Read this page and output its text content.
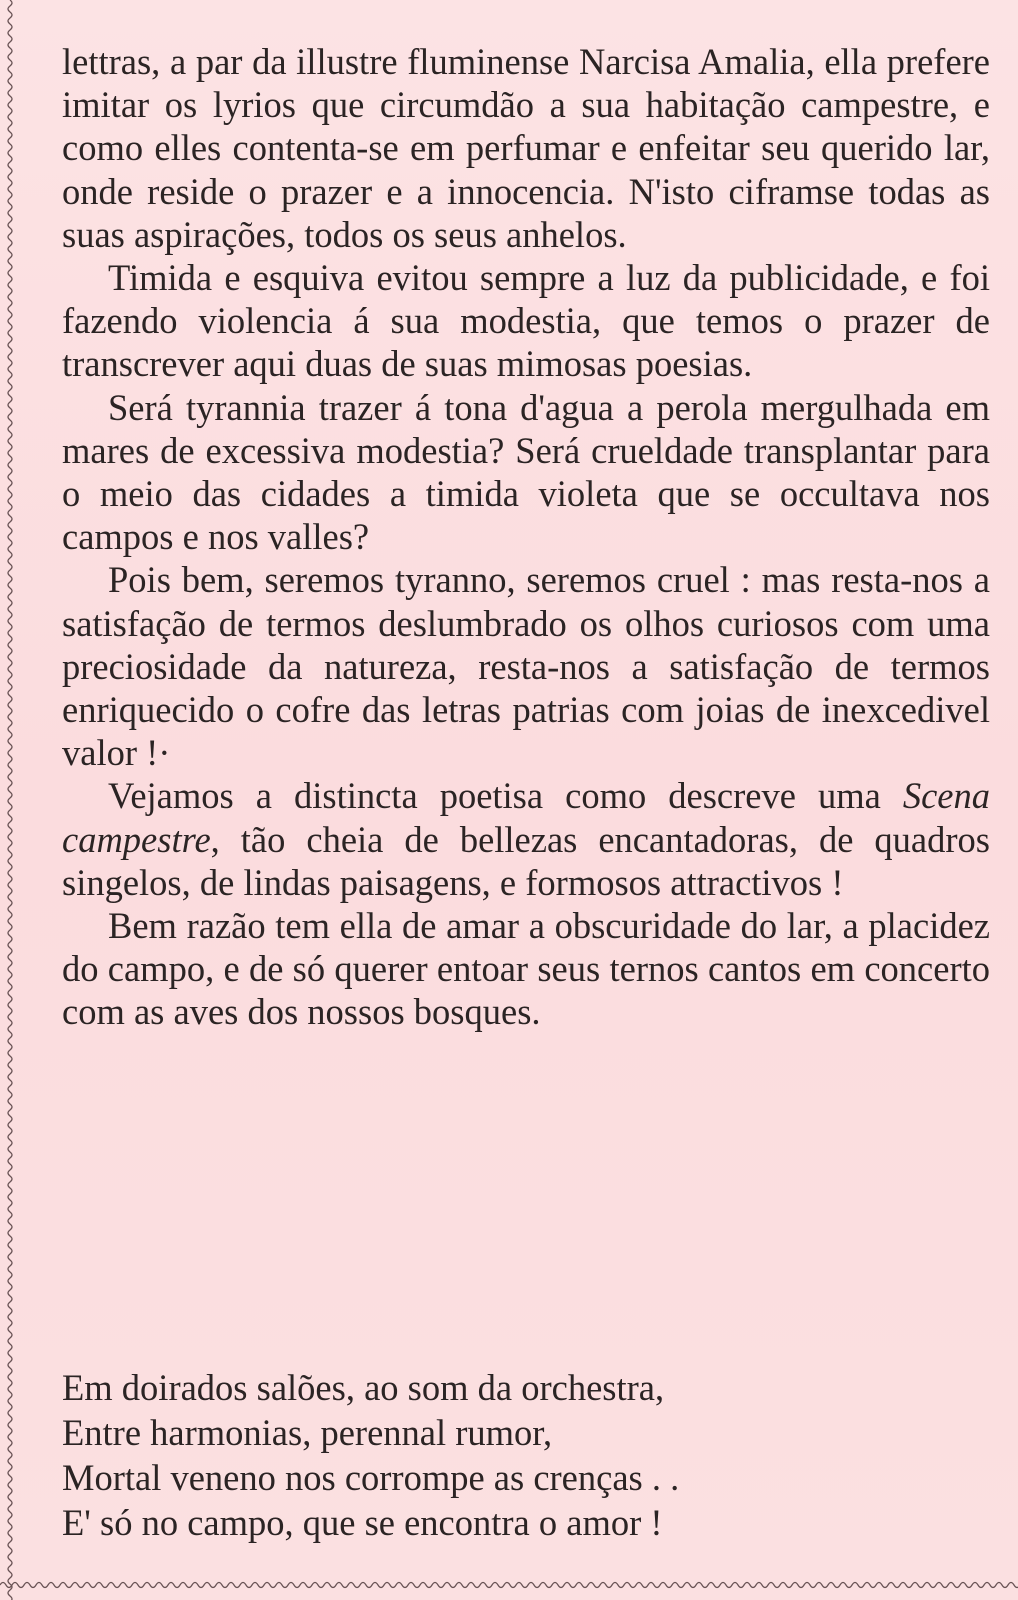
lettras, a par da illustre fluminense Narcisa Amalia, ella prefere imitar os lyrios que circumdão a sua habitação campestre, e como elles contenta-se em perfumar e enfeitar seu querido lar, onde reside o prazer e a innocencia. N'isto ciframse todas as suas aspirações, todos os seus anhelos.

Timida e esquiva evitou sempre a luz da publicidade, e foi fazendo violencia á sua modestia, que temos o prazer de transcrever aqui duas de suas mimosas poesias.

Será tyrannia trazer á tona d'agua a perola mergulhada em mares de excessiva modestia? Será crueldade transplantar para o meio das cidades a timida violeta que se occultava nos campos e nos valles?

Pois bem, seremos tyranno, seremos cruel : mas resta-nos a satisfação de termos deslumbrado os olhos curiosos com uma preciosidade da natureza, resta-nos a satisfação de termos enriquecido o cofre das letras patrias com joias de inexcedivel valor !·

Vejamos a distincta poetisa como descreve uma Scena campestre, tão cheia de bellezas encantadoras, de quadros singelos, de lindas paisagens, e formosos attractivos !

Bem razão tem ella de amar a obscuridade do lar, a placidez do campo, e de só querer entoar seus ternos cantos em concerto com as aves dos nossos bosques.

Em doirados salões, ao som da orchestra,
Entre harmonias, perennal rumor,
Mortal veneno nos corrompe as crenças . .
E' só no campo, que se encontra o amor !
